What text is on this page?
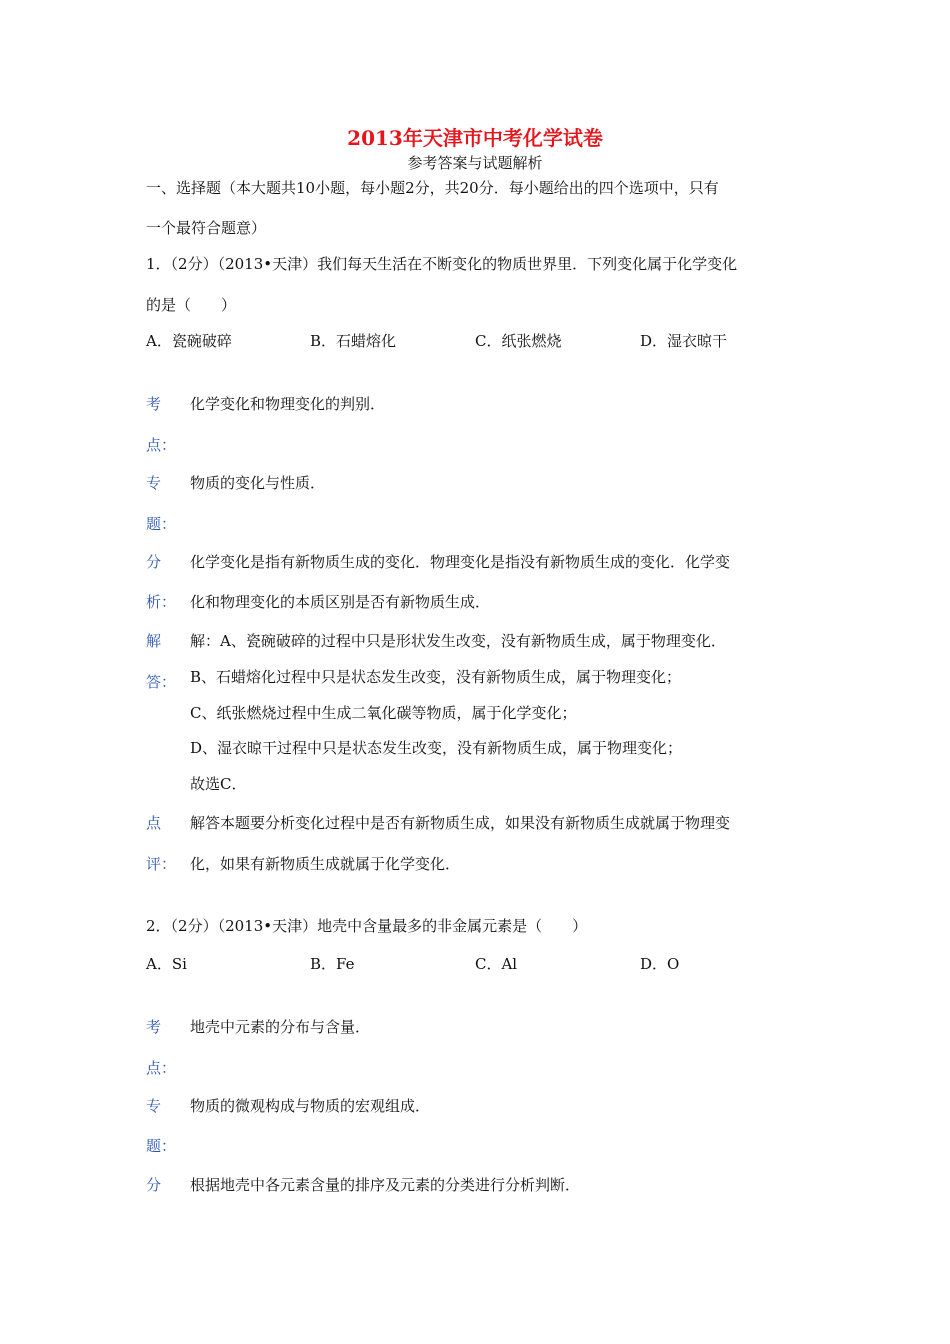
2013年天津市中考化学试卷
参考答案与试题解析
一、选择题（本大题共10小题，每小题2分，共20分．每小题给出的四个选项中，只有
一个最符合题意）
1．（2分）（2013•天津）我们每天生活在不断变化的物质世界里．下列变化属于化学变化
的是（　　）
A．瓷碗破碎	B．石蜡熔化	C．纸张燃烧	D．湿衣晾干
考
点：
化学变化和物理变化的判别．
专
题：
物质的变化与性质．
分
析：
化学变化是指有新物质生成的变化．物理变化是指没有新物质生成的变化．化学变
化和物理变化的本质区别是否有新物质生成．
解
答：
解：A、瓷碗破碎的过程中只是形状发生改变，没有新物质生成，属于物理变化．
B、石蜡熔化过程中只是状态发生改变，没有新物质生成，属于物理变化；
C、纸张燃烧过程中生成二氧化碳等物质，属于化学变化；
D、湿衣晾干过程中只是状态发生改变，没有新物质生成，属于物理变化；
故选C．
点
评：
解答本题要分析变化过程中是否有新物质生成，如果没有新物质生成就属于物理变
化，如果有新物质生成就属于化学变化．
2．（2分）（2013•天津）地壳中含量最多的非金属元素是（　　）
A．Si	B．Fe	C．Al	D．O
考
点：
地壳中元素的分布与含量．
专
题：
物质的微观构成与物质的宏观组成．
分 根据地壳中各元素含量的排序及元素的分类进行分析判断．
